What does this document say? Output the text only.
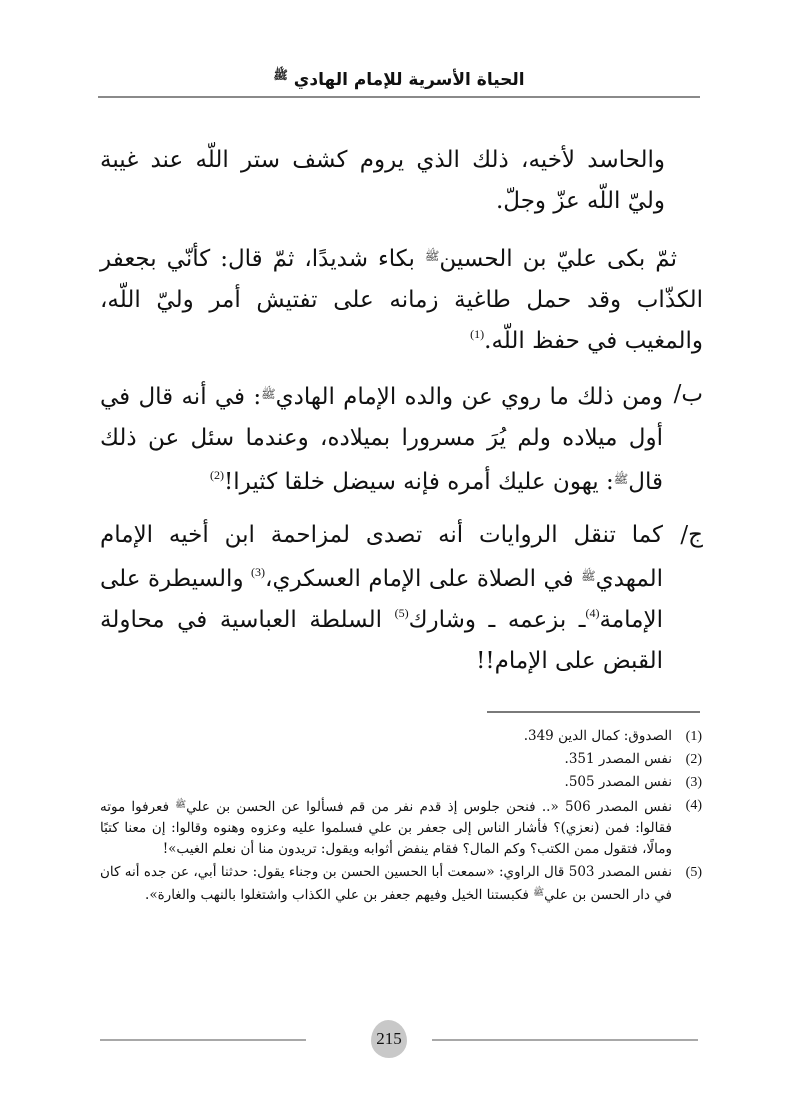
الحياة الأسرية للإمام الهادي $^ﷺ$

والحاسد لأخيه، ذلك الذي يروم كشف ستر اللّه عند غيبة وليّ اللّه عزّ وجلّ.

ثمّ بكى عليّ بن الحسين$^ﷺ$ بكاء شديدًا، ثمّ قال: كأنّي بجعفر الكذّاب وقد حمل طاغية زمانه على تفتيش أمر وليّ اللّه، والمغيب في حفظ اللّه.$^{(1)}$

ب/
ومن ذلك ما روي عن والده الإمام الهادي$^ﷺ$: في أنه قال في أول ميلاده ولم يُرَ مسرورا بميلاده، وعندما سئل عن ذلك قال$^ﷺ$: يهون عليك أمره فإنه سيضل خلقا كثيرا!$^{(2)}$
ج/
كما تنقل الروايات أنه تصدى لمزاحمة ابن أخيه الإمام المهدي$^ﷺ$ في الصلاة على الإمام العسكري،$^{(3)}$ والسيطرة على الإمامة$^{(4)}$ـ بزعمه ـ وشارك$^{(5)}$ السلطة العباسية في محاولة القبض على الإمام!!
(1)
الصدوق: كمال الدين 349.
(2)
نفس المصدر 351.
(3)
نفس المصدر 505.
(4)
نفس المصدر 506 «.. فنحن جلوس إذ قدم نفر من قم فسألوا عن الحسن بن علي$^ﷺ$ فعرفوا موته فقالوا: فمن (نعزي)؟ فأشار الناس إلى جعفر بن علي فسلموا عليه وعزوه وهنوه وقالوا: إن معنا كتبًا ومالًا، فتقول ممن الكتب؟ وكم المال؟ فقام ينفض أثوابه ويقول: تريدون منا أن نعلم الغيب»!
(5)
نفس المصدر 503 قال الراوي: «سمعت أبا الحسين الحسن بن وجناء يقول: حدثنا أبي، عن جده أنه كان في دار الحسن بن علي$^ﷺ$ فكبستنا الخيل وفيهم جعفر بن علي الكذاب واشتغلوا بالنهب والغارة».
215
